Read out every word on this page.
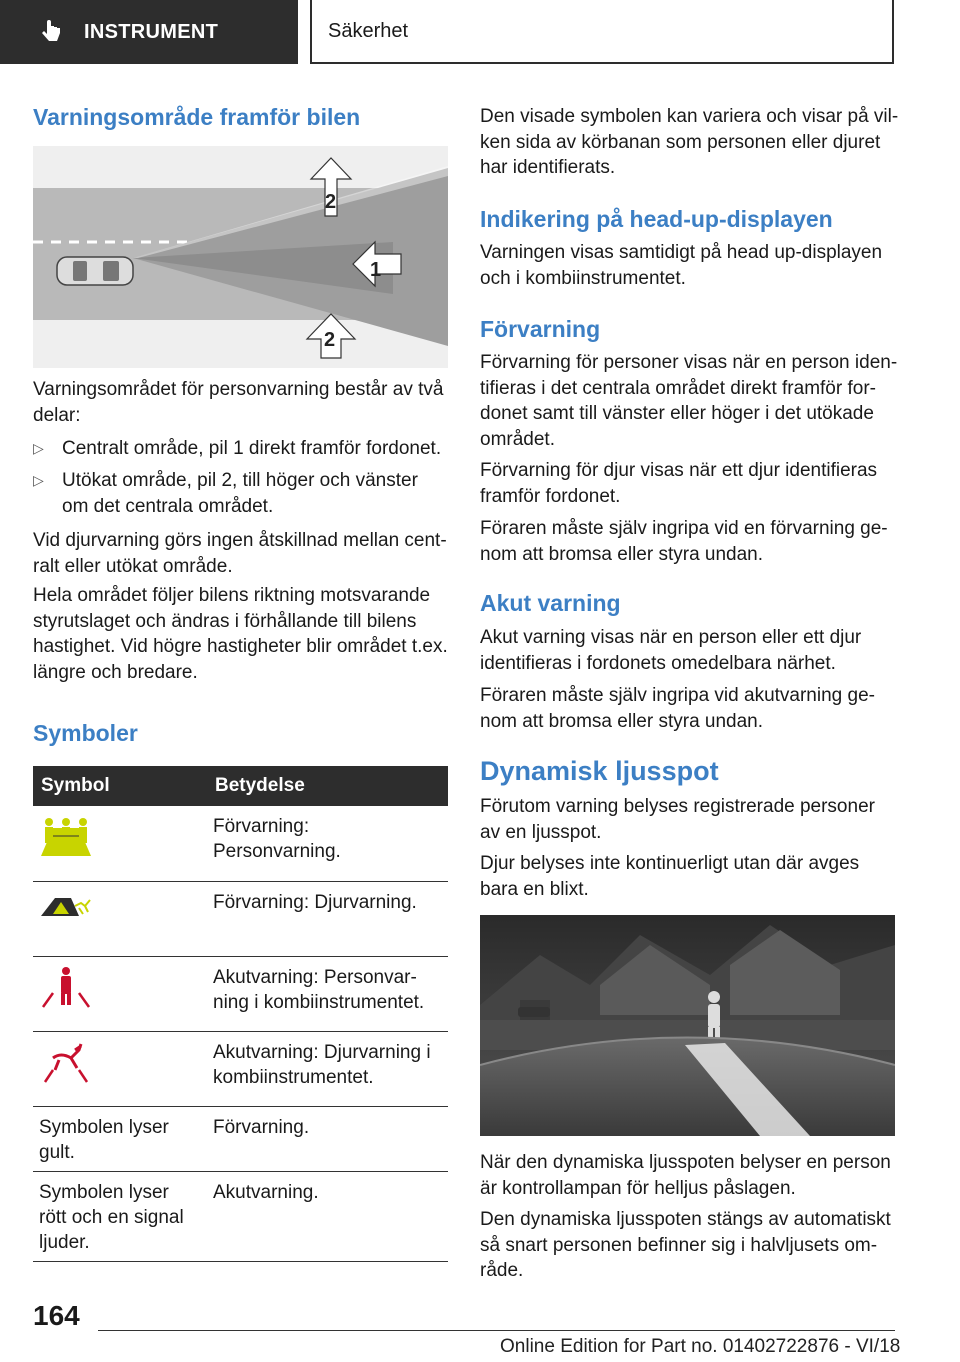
INSTRUMENT	Säkerhet
Varningsområde framför bilen
2
1
2

Varningsområdet för personvarning består av två
delar:

▷ Centralt område, pil 1 direkt framför fordonet.
▷ Utökat område, pil 2, till höger och vänster
om det centrala området.

Vid djurvarning görs ingen åtskillnad mellan cent‐
ralt eller utökat område.

Hela området följer bilens riktning motsvarande
styrutslaget och ändras i förhållande till bilens
hastighet. Vid högre hastigheter blir området t.ex.
längre och bredare.

Symboler
Symbol	Betydelse
	Förvarning: Personvarning.
	Förvarning: Djurvarning.
	Akutvarning: Personvar‐
ning i kombiinstrumentet.
	Akutvarning: Djurvarning i
kombiinstrumentet.
Symbolen lyser
gult.	Förvarning.
Symbolen lyser
rött och en signal
ljuder.	Akutvarning.

Den visade symbolen kan variera och visar på vil‐
ken sida av körbanan som personen eller djuret
har identifierats.

Indikering på head-up-displayen

Varningen visas samtidigt på head up-displayen
och i kombiinstrumentet.

Förvarning

Förvarning för personer visas när en person iden‐
tifieras i det centrala området direkt framför for‐
donet samt till vänster eller höger i det utökade
området.

Förvarning för djur visas när ett djur identifieras
framför fordonet.

Föraren måste själv ingripa vid en förvarning ge‐
nom att bromsa eller styra undan.

Akut varning

Akut varning visas när en person eller ett djur
identifieras i fordonets omedelbara närhet.

Föraren måste själv ingripa vid akutvarning ge‐
nom att bromsa eller styra undan.

Dynamisk ljusspot

Förutom varning belyses registrerade personer
av en ljusspot.

Djur belyses inte kontinuerligt utan där avges
bara en blixt.

När den dynamiska ljusspoten belyser en person
är kontrollampan för helljus påslagen.

Den dynamiska ljusspoten stängs av automatiskt
så snart personen befinner sig i halvljusets om‐
råde.

164
Online Edition for Part no. 01402722876 - VI/18
